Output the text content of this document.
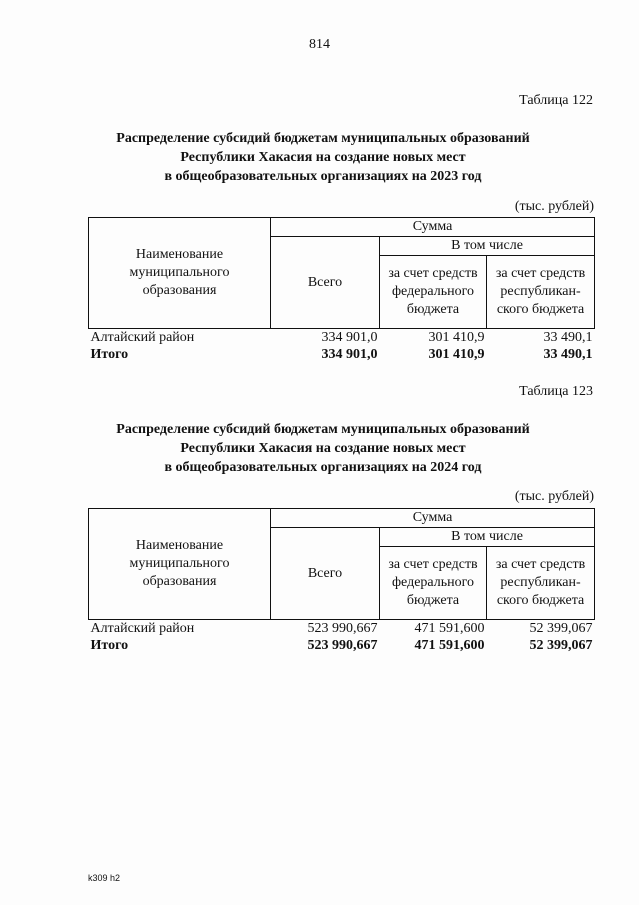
814
Таблица 122
Распределение субсидий бюджетам муниципальных образований
Республики Хакасия на создание новых мест
в общеобразовательных организациях на 2023 год
(тыс. рублей)
Наименование муниципального образования	Сумма		
	Всего	В том числе	
		за счет средств федерального бюджета	за счет средств республикан-ского бюджета
Алтайский район	334 901,0	301 410,9	33 490,1
Итого	334 901,0	301 410,9	33 490,1
Таблица 123
Распределение субсидий бюджетам муниципальных образований
Республики Хакасия на создание новых мест
в общеобразовательных организациях на 2024 год
(тыс. рублей)
Наименование муниципального образования	Сумма		
	Всего	В том числе	
		за счет средств федерального бюджета	за счет средств республикан-ского бюджета
Алтайский район	523 990,667	471 591,600	52 399,067
Итого	523 990,667	471 591,600	52 399,067
k309 h2
